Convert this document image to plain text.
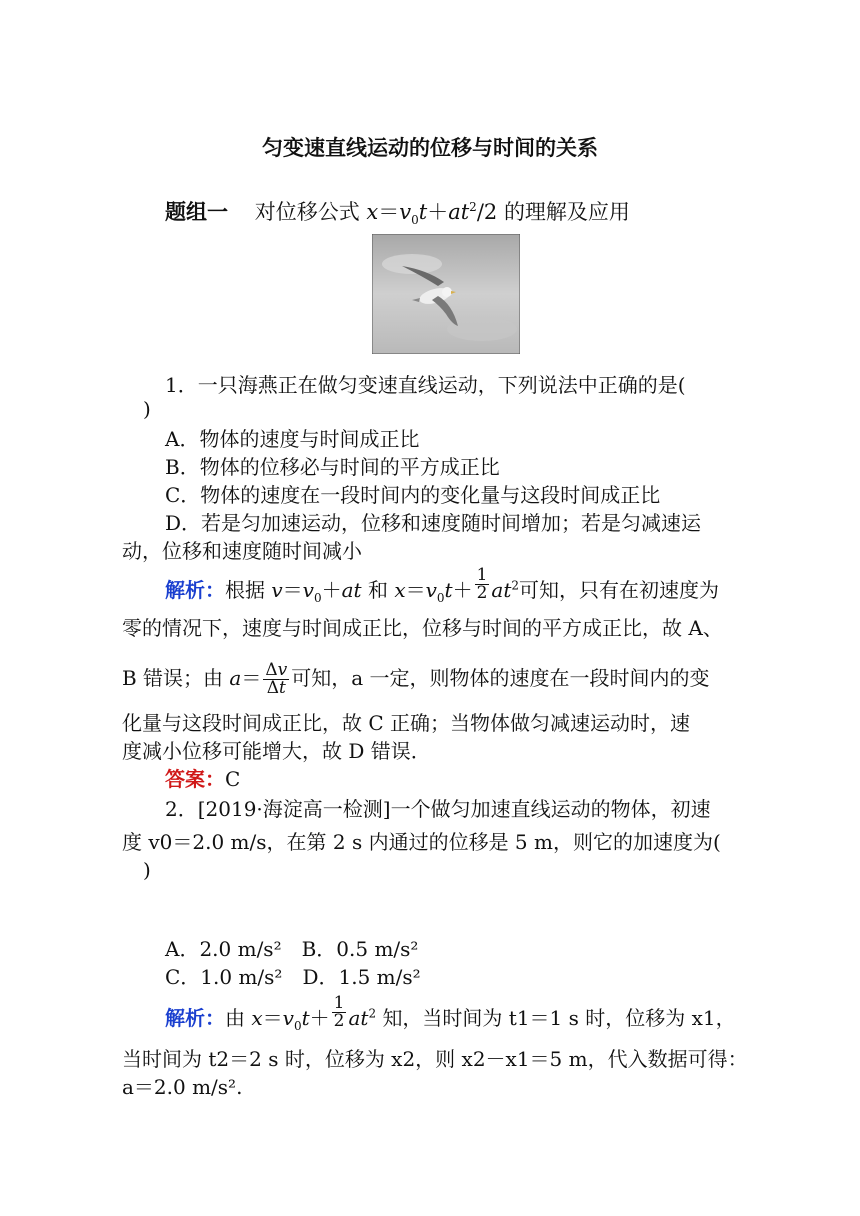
匀变速直线运动的位移与时间的关系
题组一 对位移公式 $x=v_0t+at^2/2$ 的理解及应用
1．一只海燕正在做匀变速直线运动，下列说法中正确的是(
)
A．物体的速度与时间成正比
B．物体的位移必与时间的平方成正比
C．物体的速度在一段时间内的变化量与这段时间成正比
D．若是匀加速运动，位移和速度随时间增加；若是匀减速运
动，位移和速度随时间减小
解析：根据 $v=v_0+at$ 和 $x=v_0t+ \frac{1}{2} at^2$可知，只有在初速度为
零的情况下，速度与时间成正比，位移与时间的平方成正比，故 A、
B 错误；由 $a= \frac{\Delta v}{\Delta t}$ 可知，a 一定，则物体的速度在一段时间内的变
化量与这段时间成正比，故 C 正确；当物体做匀减速运动时，速
度减小位移可能增大，故 D 错误．
答案：C
2．[2019·海淀高一检测]一个做匀加速直线运动的物体，初速
度 v0＝2.0 m/s，在第 2 s 内通过的位移是 5 m，则它的加速度为(
)
A．2.0 m/s²　B．0.5 m/s²
C．1.0 m/s²　D．1.5 m/s²
解析：由 $x=v_0t+ \frac{1}{2} at^2$ 知，当时间为 t1＝1 s 时，位移为 x1，
当时间为 t2＝2 s 时，位移为 x2，则 x2－x1＝5 m，代入数据可得：
a＝2.0 m/s².
